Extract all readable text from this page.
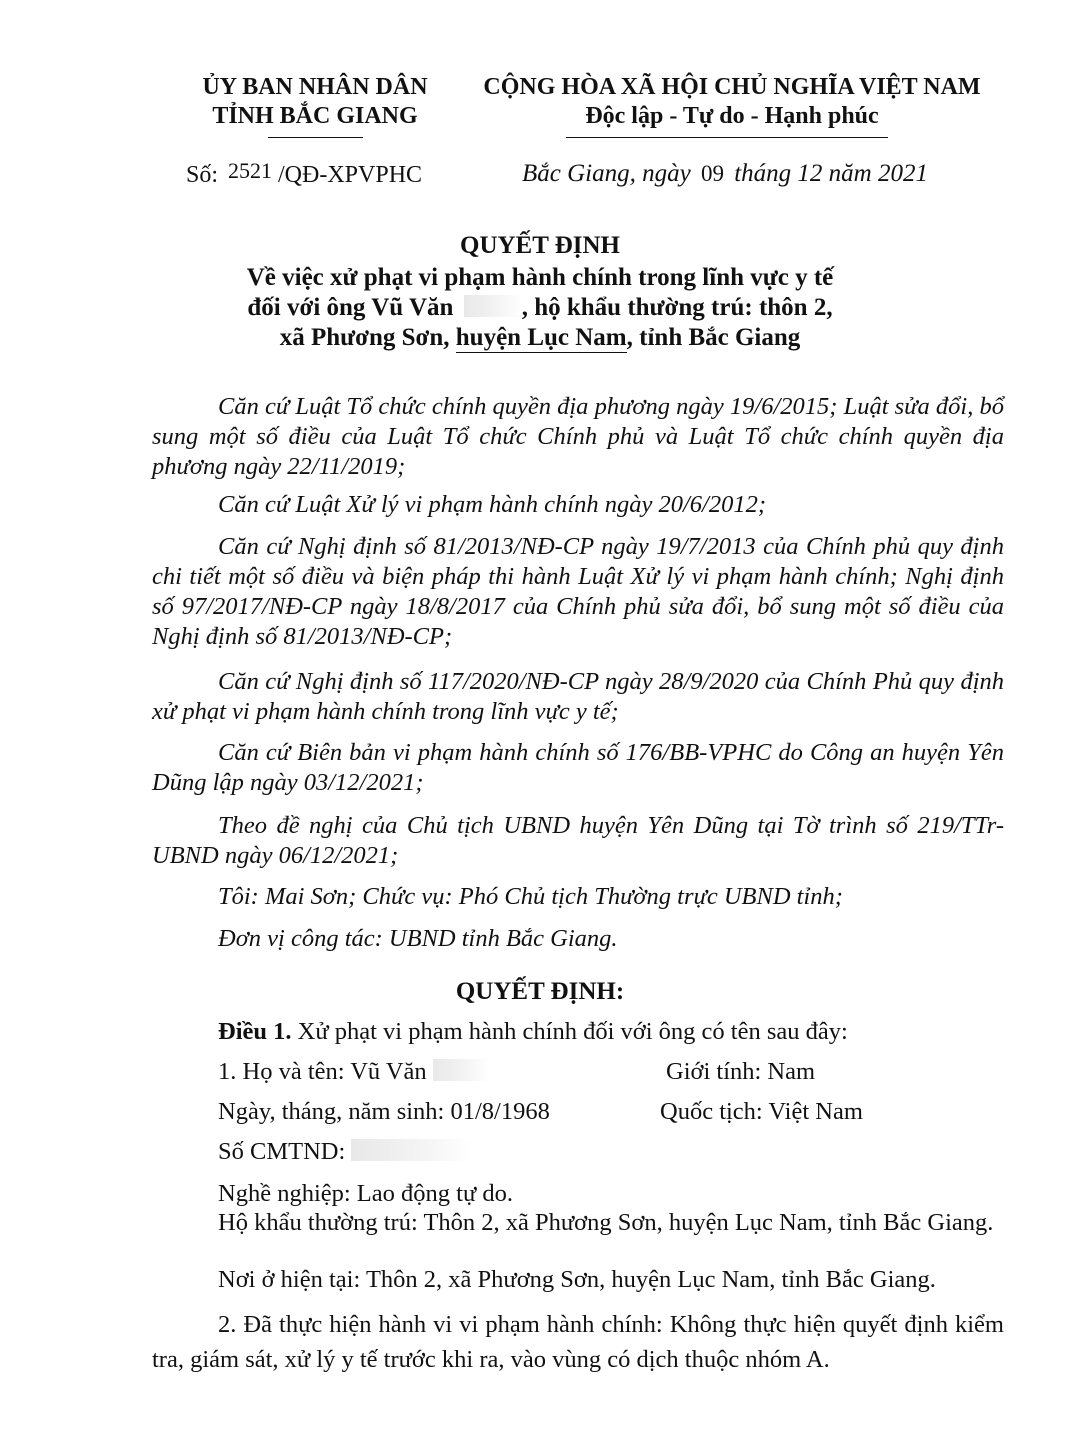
ỦY BAN NHÂN DÂN
TỈNH BẮC GIANG
CỘNG HÒA XÃ HỘI CHỦ NGHĨA VIỆT NAM
Độc lập - Tự do - Hạnh phúc
Số: 2521 /QĐ-XPVPHC	Bắc Giang, ngày 09 tháng 12 năm 2021
QUYẾT ĐỊNH
Về việc xử phạt vi phạm hành chính trong lĩnh vực y tế
đối với ông Vũ Văn	, hộ khẩu thường trú: thôn 2,
xã Phương Sơn, huyện Lục Nam, tỉnh Bắc Giang
Căn cứ Luật Tổ chức chính quyền địa phương ngày 19/6/2015; Luật sửa đổi, bổ sung một số điều của Luật Tổ chức Chính phủ và Luật Tổ chức chính quyền địa phương ngày 22/11/2019;
Căn cứ Luật Xử lý vi phạm hành chính ngày 20/6/2012;
Căn cứ Nghị định số 81/2013/NĐ-CP ngày 19/7/2013 của Chính phủ quy định chi tiết một số điều và biện pháp thi hành Luật Xử lý vi phạm hành chính; Nghị định số 97/2017/NĐ-CP ngày 18/8/2017 của Chính phủ sửa đổi, bổ sung một số điều của Nghị định số 81/2013/NĐ-CP;
Căn cứ Nghị định số 117/2020/NĐ-CP ngày 28/9/2020 của Chính Phủ quy định xử phạt vi phạm hành chính trong lĩnh vực y tế;
Căn cứ Biên bản vi phạm hành chính số 176/BB-VPHC do Công an huyện Yên Dũng lập ngày 03/12/2021;
Theo đề nghị của Chủ tịch UBND huyện Yên Dũng tại Tờ trình số 219/TTr-UBND ngày 06/12/2021;
Tôi: Mai Sơn; Chức vụ: Phó Chủ tịch Thường trực UBND tỉnh;
Đơn vị công tác: UBND tỉnh Bắc Giang.
QUYẾT ĐỊNH:
Điều 1. Xử phạt vi phạm hành chính đối với ông có tên sau đây:
1. Họ và tên: Vũ Văn	Giới tính: Nam
Ngày, tháng, năm sinh: 01/8/1968	Quốc tịch: Việt Nam
Số CMTND:
Nghề nghiệp: Lao động tự do.
Hộ khẩu thường trú: Thôn 2, xã Phương Sơn, huyện Lục Nam, tỉnh Bắc Giang.
Nơi ở hiện tại: Thôn 2, xã Phương Sơn, huyện Lục Nam, tỉnh Bắc Giang.
2. Đã thực hiện hành vi vi phạm hành chính: Không thực hiện quyết định kiểm tra, giám sát, xử lý y tế trước khi ra, vào vùng có dịch thuộc nhóm A.
